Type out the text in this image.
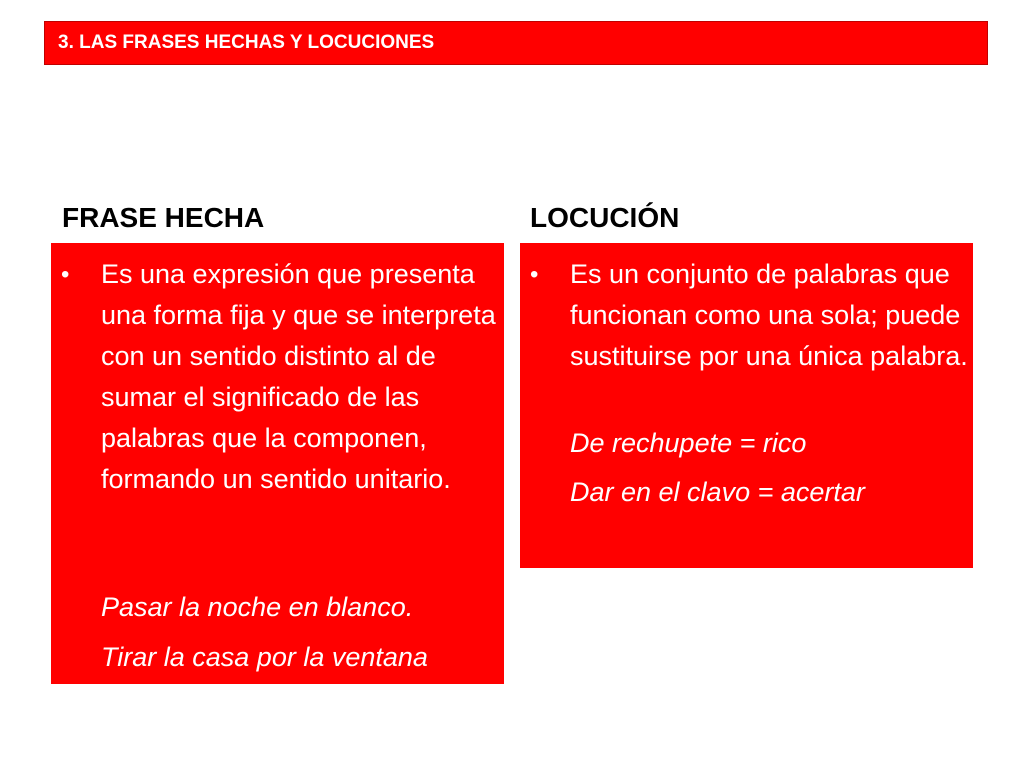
3. LAS FRASES HECHAS Y LOCUCIONES
FRASE HECHA	LOCUCIÓN
• Es una expresión que presenta una forma fija y que se interpreta con un sentido distinto al de sumar el significado de las palabras que la componen, formando un sentido unitario.
Pasar la noche en blanco.
Tirar la casa por la ventana
• Es un conjunto de palabras que funcionan como una sola; puede sustituirse por una única palabra.
De rechupete = rico
Dar en el clavo = acertar
